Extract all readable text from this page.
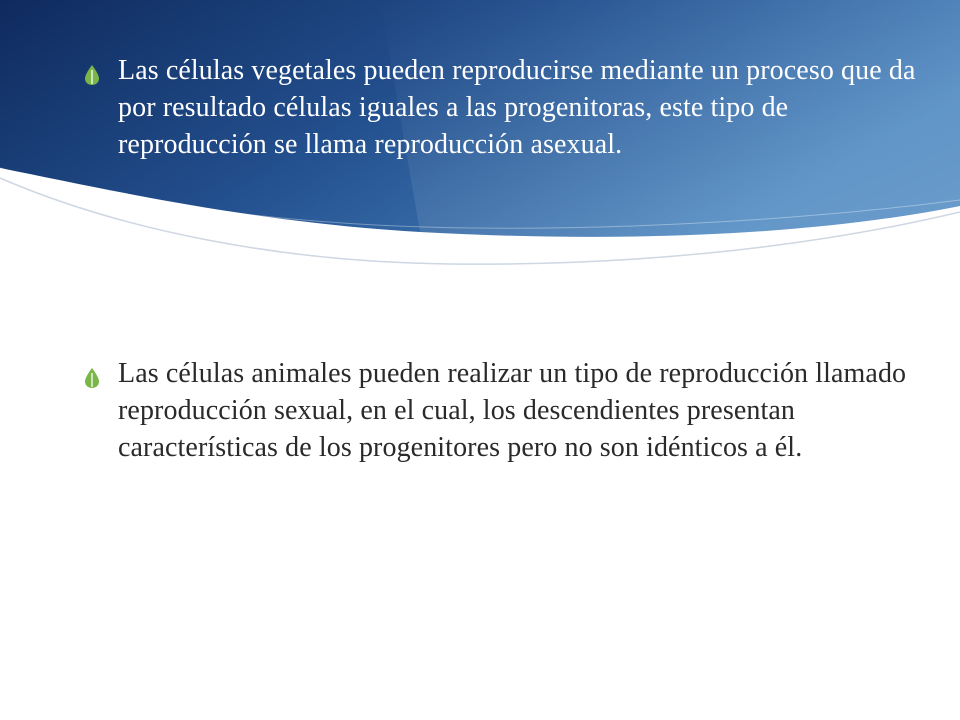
Las células vegetales pueden reproducirse mediante un proceso que da por resultado células iguales a las progenitoras, este tipo de reproducción se llama reproducción asexual.

Las células animales pueden realizar un tipo de reproducción llamado reproducción sexual, en el cual, los descendientes presentan características de los progenitores pero no son idénticos a él.
